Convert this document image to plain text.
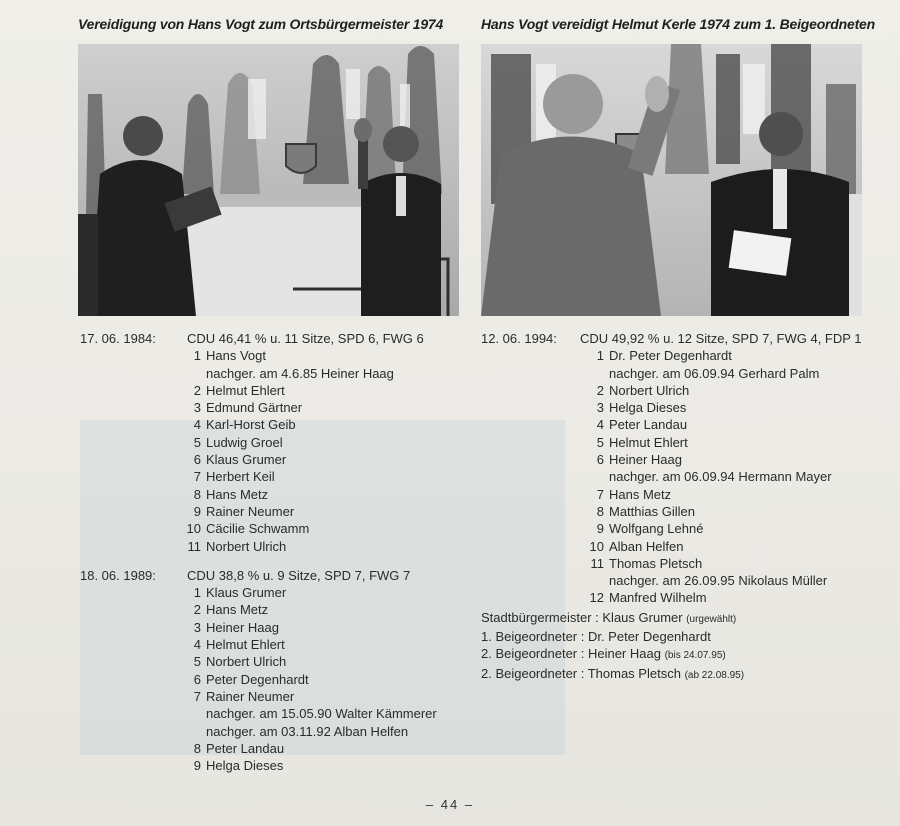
Vereidigung von Hans Vogt zum Ortsbürgermeister 1974	Hans Vogt vereidigt Helmut Kerle 1974 zum 1. Beigeordneten
17. 06. 1984: CDU 46,41 % u. 11 Sitze, SPD 6, FWG 6
1 Hans Vogt
nachger. am 4.6.85 Heiner Haag
2 Helmut Ehlert
3 Edmund Gärtner
4 Karl-Horst Geib
5 Ludwig Groel
6 Klaus Grumer
7 Herbert Keil
8 Hans Metz
9 Rainer Neumer
10 Cäcilie Schwamm
11 Norbert Ulrich
18. 06. 1989: CDU 38,8 % u. 9 Sitze, SPD 7, FWG 7
1 Klaus Grumer
2 Hans Metz
3 Heiner Haag
4 Helmut Ehlert
5 Norbert Ulrich
6 Peter Degenhardt
7 Rainer Neumer
nachger. am 15.05.90 Walter Kämmerer
nachger. am 03.11.92 Alban Helfen
8 Peter Landau
9 Helga Dieses
12. 06. 1994: CDU 49,92 % u. 12 Sitze, SPD 7, FWG 4, FDP 1
1 Dr. Peter Degenhardt
nachger. am 06.09.94 Gerhard Palm
2 Norbert Ulrich
3 Helga Dieses
4 Peter Landau
5 Helmut Ehlert
6 Heiner Haag
nachger. am 06.09.94 Hermann Mayer
7 Hans Metz
8 Matthias Gillen
9 Wolfgang Lehné
10 Alban Helfen
11 Thomas Pletsch
nachger. am 26.09.95 Nikolaus Müller
12 Manfred Wilhelm
Stadtbürgermeister : Klaus Grumer (urgewählt)
1. Beigeordneter : Dr. Peter Degenhardt
2. Beigeordneter : Heiner Haag (bis 24.07.95)
2. Beigeordneter : Thomas Pletsch (ab 22.08.95)
– 44 –
